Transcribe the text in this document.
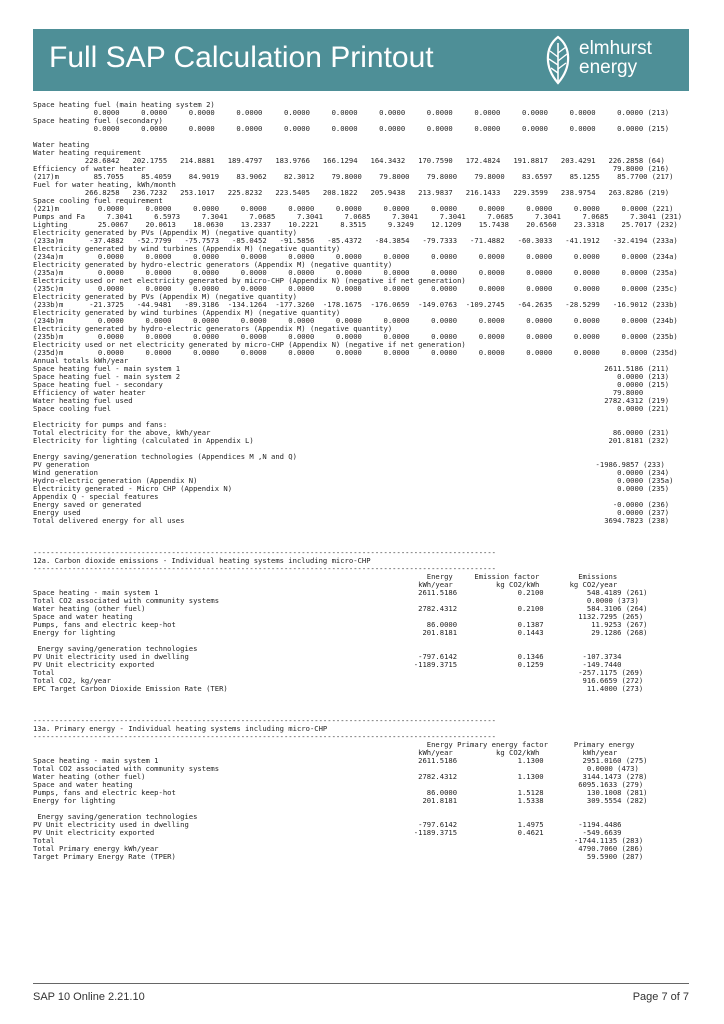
Full SAP Calculation Printout	elmhurst
energy
Space heating fuel (main heating system 2)
0.0000     0.0000     0.0000     0.0000     0.0000     0.0000     0.0000     0.0000     0.0000     0.0000     0.0000     0.0000 (213)
Space heating fuel (secondary)
0.0000     0.0000     0.0000     0.0000     0.0000     0.0000     0.0000     0.0000     0.0000     0.0000     0.0000     0.0000 (215)
Water heating
Water heating requirement
228.6842   202.1755   214.8881   189.4797   183.9766   166.1294   164.3432   170.7590   172.4824   191.8817   203.4291   226.2858 (64)
Efficiency of water heater                                                                                                            79.8000 (216)
(217)m        85.7055    85.4059    84.9019    83.9062    82.3012    79.8000    79.8000    79.8000    79.8000    83.6597    85.1255    85.7700 (217)
Fuel for water heating, kWh/month
266.8258   236.7232   253.1017   225.8232   223.5405   208.1822   205.9438   213.9837   216.1433   229.3599   238.9754   263.8286 (219)
Space cooling fuel requirement
(221)m         0.0000     0.0000     0.0000     0.0000     0.0000     0.0000     0.0000     0.0000     0.0000     0.0000     0.0000     0.0000 (221)
Pumps and Fa     7.3041     6.5973     7.3041     7.0685     7.3041     7.0685     7.3041     7.3041     7.0685     7.3041     7.0685     7.3041 (231)
Lighting       25.0067    20.0613    18.0630    13.2337    10.2221     8.3515     9.3249    12.1209    15.7438    20.6560    23.3318    25.7017 (232)
Electricity generated by PVs (Appendix M) (negative quantity)
(233a)m      -37.4882   -52.7799   -75.7573   -85.0452   -91.5856   -85.4372   -84.3854   -79.7333   -71.4882   -60.3033   -41.1912   -32.4194 (233a)
Electricity generated by wind turbines (Appendix M) (negative quantity)
(234a)m        0.0000     0.0000     0.0000     0.0000     0.0000     0.0000     0.0000     0.0000     0.0000     0.0000     0.0000     0.0000 (234a)
Electricity generated by hydro-electric generators (Appendix M) (negative quantity)
(235a)m        0.0000     0.0000     0.0000     0.0000     0.0000     0.0000     0.0000     0.0000     0.0000     0.0000     0.0000     0.0000 (235a)
Electricity used or net electricity generated by micro-CHP (Appendix N) (negative if net generation)
(235c)m        0.0000     0.0000     0.0000     0.0000     0.0000     0.0000     0.0000     0.0000     0.0000     0.0000     0.0000     0.0000 (235c)
Electricity generated by PVs (Appendix M) (negative quantity)
(233b)m      -21.3725   -44.9481   -89.3186  -134.1264  -177.3260  -178.1675  -176.0659  -149.0763  -109.2745   -64.2635   -28.5299   -16.9012 (233b)
Electricity generated by wind turbines (Appendix M) (negative quantity)
(234b)m        0.0000     0.0000     0.0000     0.0000     0.0000     0.0000     0.0000     0.0000     0.0000     0.0000     0.0000     0.0000 (234b)
Electricity generated by hydro-electric generators (Appendix M) (negative quantity)
(235b)m        0.0000     0.0000     0.0000     0.0000     0.0000     0.0000     0.0000     0.0000     0.0000     0.0000     0.0000     0.0000 (235b)
Electricity used or net electricity generated by micro-CHP (Appendix N) (negative if net generation)
(235d)m        0.0000     0.0000     0.0000     0.0000     0.0000     0.0000     0.0000     0.0000     0.0000     0.0000     0.0000     0.0000 (235d)
Annual totals kWh/year
Space heating fuel - main system 1                                                                                                  2611.5186 (211)
Space heating fuel - main system 2                                                                                                     0.0000 (213)
Space heating fuel - secondary                                                                                                         0.0000 (215)
Efficiency of water heater                                                                                                            79.8000
Water heating fuel used                                                                                                             2782.4312 (219)
Space cooling fuel                                                                                                                     0.0000 (221)
Electricity for pumps and fans:
Total electricity for the above, kWh/year                                                                                             86.0000 (231)
Electricity for lighting (calculated in Appendix L)                                                                                  201.8181 (232)
Energy saving/generation technologies (Appendices M ,N and Q)
PV generation                                                                                                                     -1986.9857 (233)
Wind generation                                                                                                                        0.0000 (234)
Hydro-electric generation (Appendix N)                                                                                                 0.0000 (235a)
Electricity generated - Micro CHP (Appendix N)                                                                                         0.0000 (235)
Appendix Q - special features
Energy saved or generated                                                                                                             -0.0000 (236)
Energy used                                                                                                                            0.0000 (237)
Total delivered energy for all uses                                                                                                 3694.7823 (238)
-----------------------------------------------------------------------------------------------------------
12a. Carbon dioxide emissions - Individual heating systems including micro-CHP
-----------------------------------------------------------------------------------------------------------
Energy     Emission factor         Emissions
kWh/year          kg CO2/kWh       kg CO2/year
Space heating - main system 1                                                            2611.5186              0.2100          548.4189 (261)
Total CO2 associated with community systems                                                                                     0.0000 (373)
Water heating (other fuel)                                                               2782.4312              0.2100          584.3106 (264)
Space and water heating                                                                                                       1132.7295 (265)
Pumps, fans and electric keep-hot                                                          86.0000              0.1387           11.9253 (267)
Energy for lighting                                                                       201.8181              0.1443           29.1286 (268)
Energy saving/generation technologies
PV Unit electricity used in dwelling                                                     -797.6142              0.1346         -107.3734
PV Unit electricity exported                                                            -1189.3715              0.1259         -149.7440
Total                                                                                                                         -257.1175 (269)
Total CO2, kg/year                                                                                                             916.6659 (272)
EPC Target Carbon Dioxide Emission Rate (TER)                                                                                   11.4000 (273)
-----------------------------------------------------------------------------------------------------------
13a. Primary energy - Individual heating systems including micro-CHP
-----------------------------------------------------------------------------------------------------------
Energy Primary energy factor      Primary energy
kWh/year          kg CO2/kWh          kWh/year
Space heating - main system 1                                                            2611.5186              1.1300         2951.0160 (275)
Total CO2 associated with community systems                                                                                     0.0000 (473)
Water heating (other fuel)                                                               2782.4312              1.1300         3144.1473 (278)
Space and water heating                                                                                                       6095.1633 (279)
Pumps, fans and electric keep-hot                                                          86.0000              1.5128          130.1008 (281)
Energy for lighting                                                                       201.8181              1.5338          309.5554 (282)
Energy saving/generation technologies
PV Unit electricity used in dwelling                                                     -797.6142              1.4975        -1194.4486
PV Unit electricity exported                                                            -1189.3715              0.4621         -549.6639
Total                                                                                                                        -1744.1135 (283)
Total Primary energy kWh/year                                                                                                 4790.7060 (286)
Target Primary Energy Rate (TPER)                                                                                               59.5900 (287)
SAP 10 Online 2.21.10	Page 7 of 7
